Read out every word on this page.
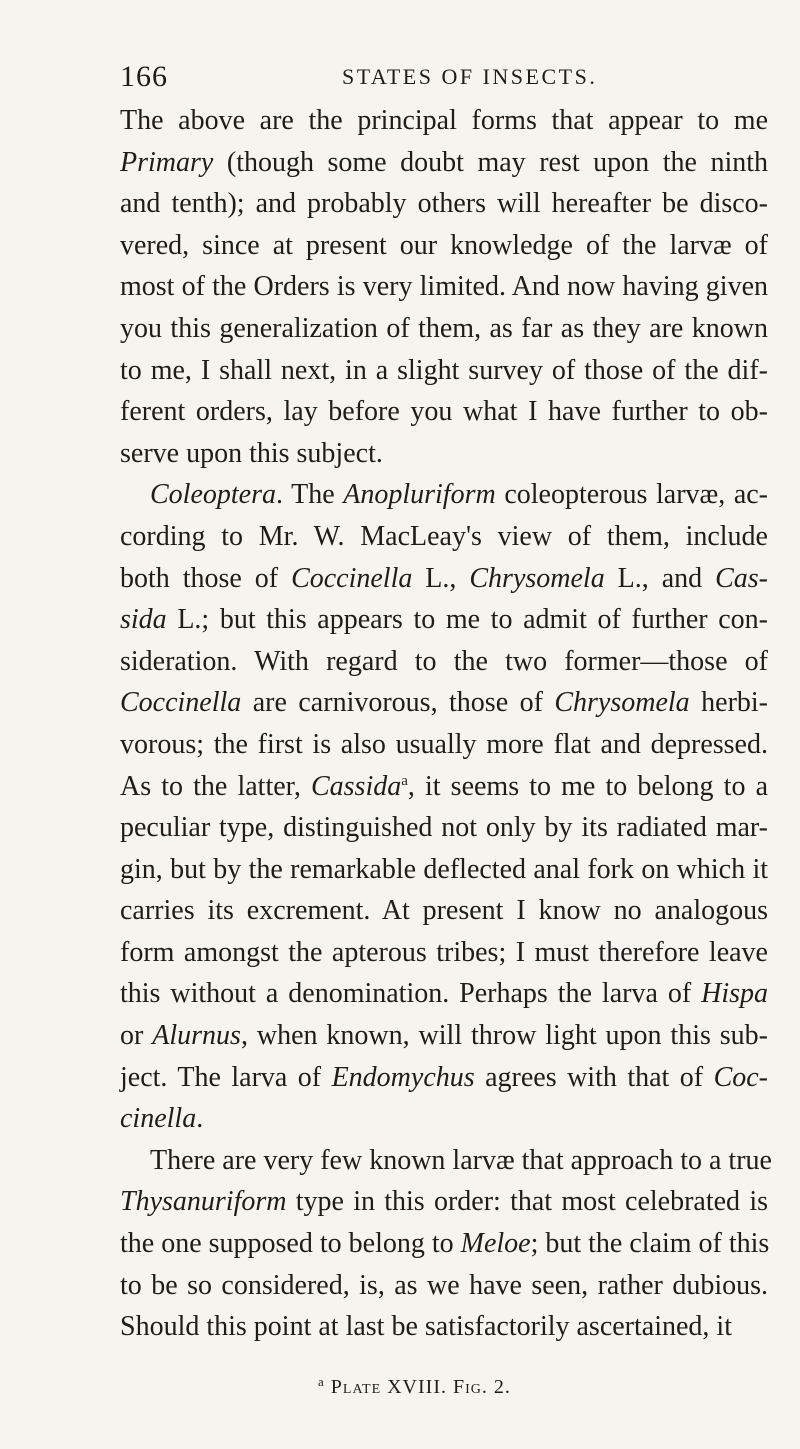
166	STATES OF INSECTS.
The above are the principal forms that appear to me
Primary (though some doubt may rest upon the ninth
and tenth); and probably others will hereafter be disco-
vered, since at present our knowledge of the larvæ of
most of the Orders is very limited. And now having given
you this generalization of them, as far as they are known
to me, I shall next, in a slight survey of those of the dif-
ferent orders, lay before you what I have further to ob-
serve upon this subject.
Coleoptera. The Anopluriform coleopterous larvæ, ac-
cording to Mr. W. MacLeay's view of them, include
both those of Coccinella L., Chrysomela L., and Cas-
sida L.; but this appears to me to admit of further con-
sideration. With regard to the two former—those of
Coccinella are carnivorous, those of Chrysomela herbi-
vorous; the first is also usually more flat and depressed.
As to the latter, Cassida$^a$, it seems to me to belong to a
peculiar type, distinguished not only by its radiated mar-
gin, but by the remarkable deflected anal fork on which it
carries its excrement. At present I know no analogous
form amongst the apterous tribes; I must therefore leave
this without a denomination. Perhaps the larva of Hispa
or Alurnus, when known, will throw light upon this sub-
ject. The larva of Endomychus agrees with that of Coc-
cinella.
There are very few known larvæ that approach to a true
Thysanuriform type in this order: that most celebrated is
the one supposed to belong to Meloe; but the claim of this
to be so considered, is, as we have seen, rather dubious.
Should this point at last be satisfactorily ascertained, it
$^a$ Plate XVIII. Fig. 2.
